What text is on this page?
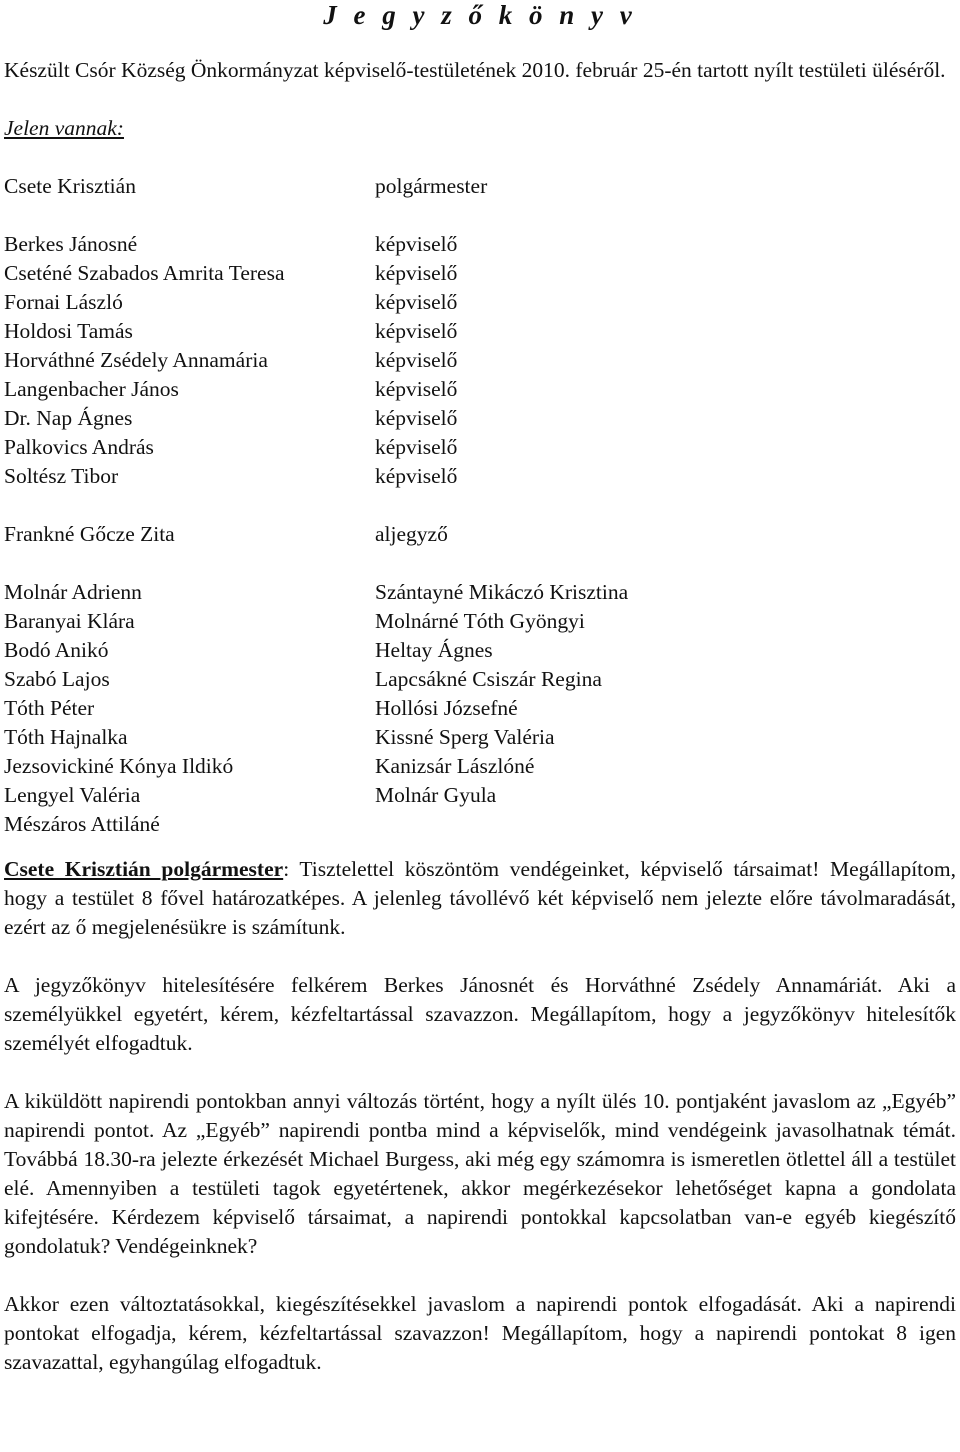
J e g y z ő k ö n y v
Készült Csór Község Önkormányzat képviselő-testületének 2010. február 25-én tartott nyílt testületi üléséről.
Jelen vannak:
Csete Krisztián	polgármester
Berkes Jánosné	képviselő
Cseténé Szabados Amrita Teresa	képviselő
Fornai László	képviselő
Holdosi Tamás	képviselő
Horváthné Zsédely Annamária	képviselő
Langenbacher János	képviselő
Dr. Nap Ágnes	képviselő
Palkovics András	képviselő
Soltész Tibor	képviselő
Frankné Gőcze Zita	aljegyző
Molnár Adrienn	Szántayné Mikáczó Krisztina
Baranyai Klára	Molnárné Tóth Gyöngyi
Bodó Anikó	Heltay Ágnes
Szabó Lajos	Lapcsákné Csiszár Regina
Tóth Péter	Hollósi Józsefné
Tóth Hajnalka	Kissné Sperg Valéria
Jezsovickiné Kónya Ildikó	Kanizsár Lászlóné
Lengyel Valéria	Molnár Gyula
Mészáros Attiláné
Csete Krisztián polgármester: Tisztelettel köszöntöm vendégeinket, képviselő társaimat! Megállapítom, hogy a testület 8 fővel határozatképes. A jelenleg távollévő két képviselő nem jelezte előre távolmaradását, ezért az ő megjelenésükre is számítunk.
A jegyzőkönyv hitelesítésére felkérem Berkes Jánosnét és Horváthné Zsédely Annamáriát. Aki a személyükkel egyetért, kérem, kézfeltartással szavazzon. Megállapítom, hogy a jegyzőkönyv hitelesítők személyét elfogadtuk.
A kiküldött napirendi pontokban annyi változás történt, hogy a nyílt ülés 10. pontjaként javaslom az „Egyéb” napirendi pontot. Az „Egyéb” napirendi pontba mind a képviselők, mind vendégeink javasolhatnak témát. Továbbá 18.30-ra jelezte érkezését Michael Burgess, aki még egy számomra is ismeretlen ötlettel áll a testület elé. Amennyiben a testületi tagok egyetértenek, akkor megérkezésekor lehetőséget kapna a gondolata kifejtésére. Kérdezem képviselő társaimat, a napirendi pontokkal kapcsolatban van-e egyéb kiegészítő gondolatuk? Vendégeinknek?
Akkor ezen változtatásokkal, kiegészítésekkel javaslom a napirendi pontok elfogadását. Aki a napirendi pontokat elfogadja, kérem, kézfeltartással szavazzon! Megállapítom, hogy a napirendi pontokat 8 igen szavazattal, egyhangúlag elfogadtuk.
